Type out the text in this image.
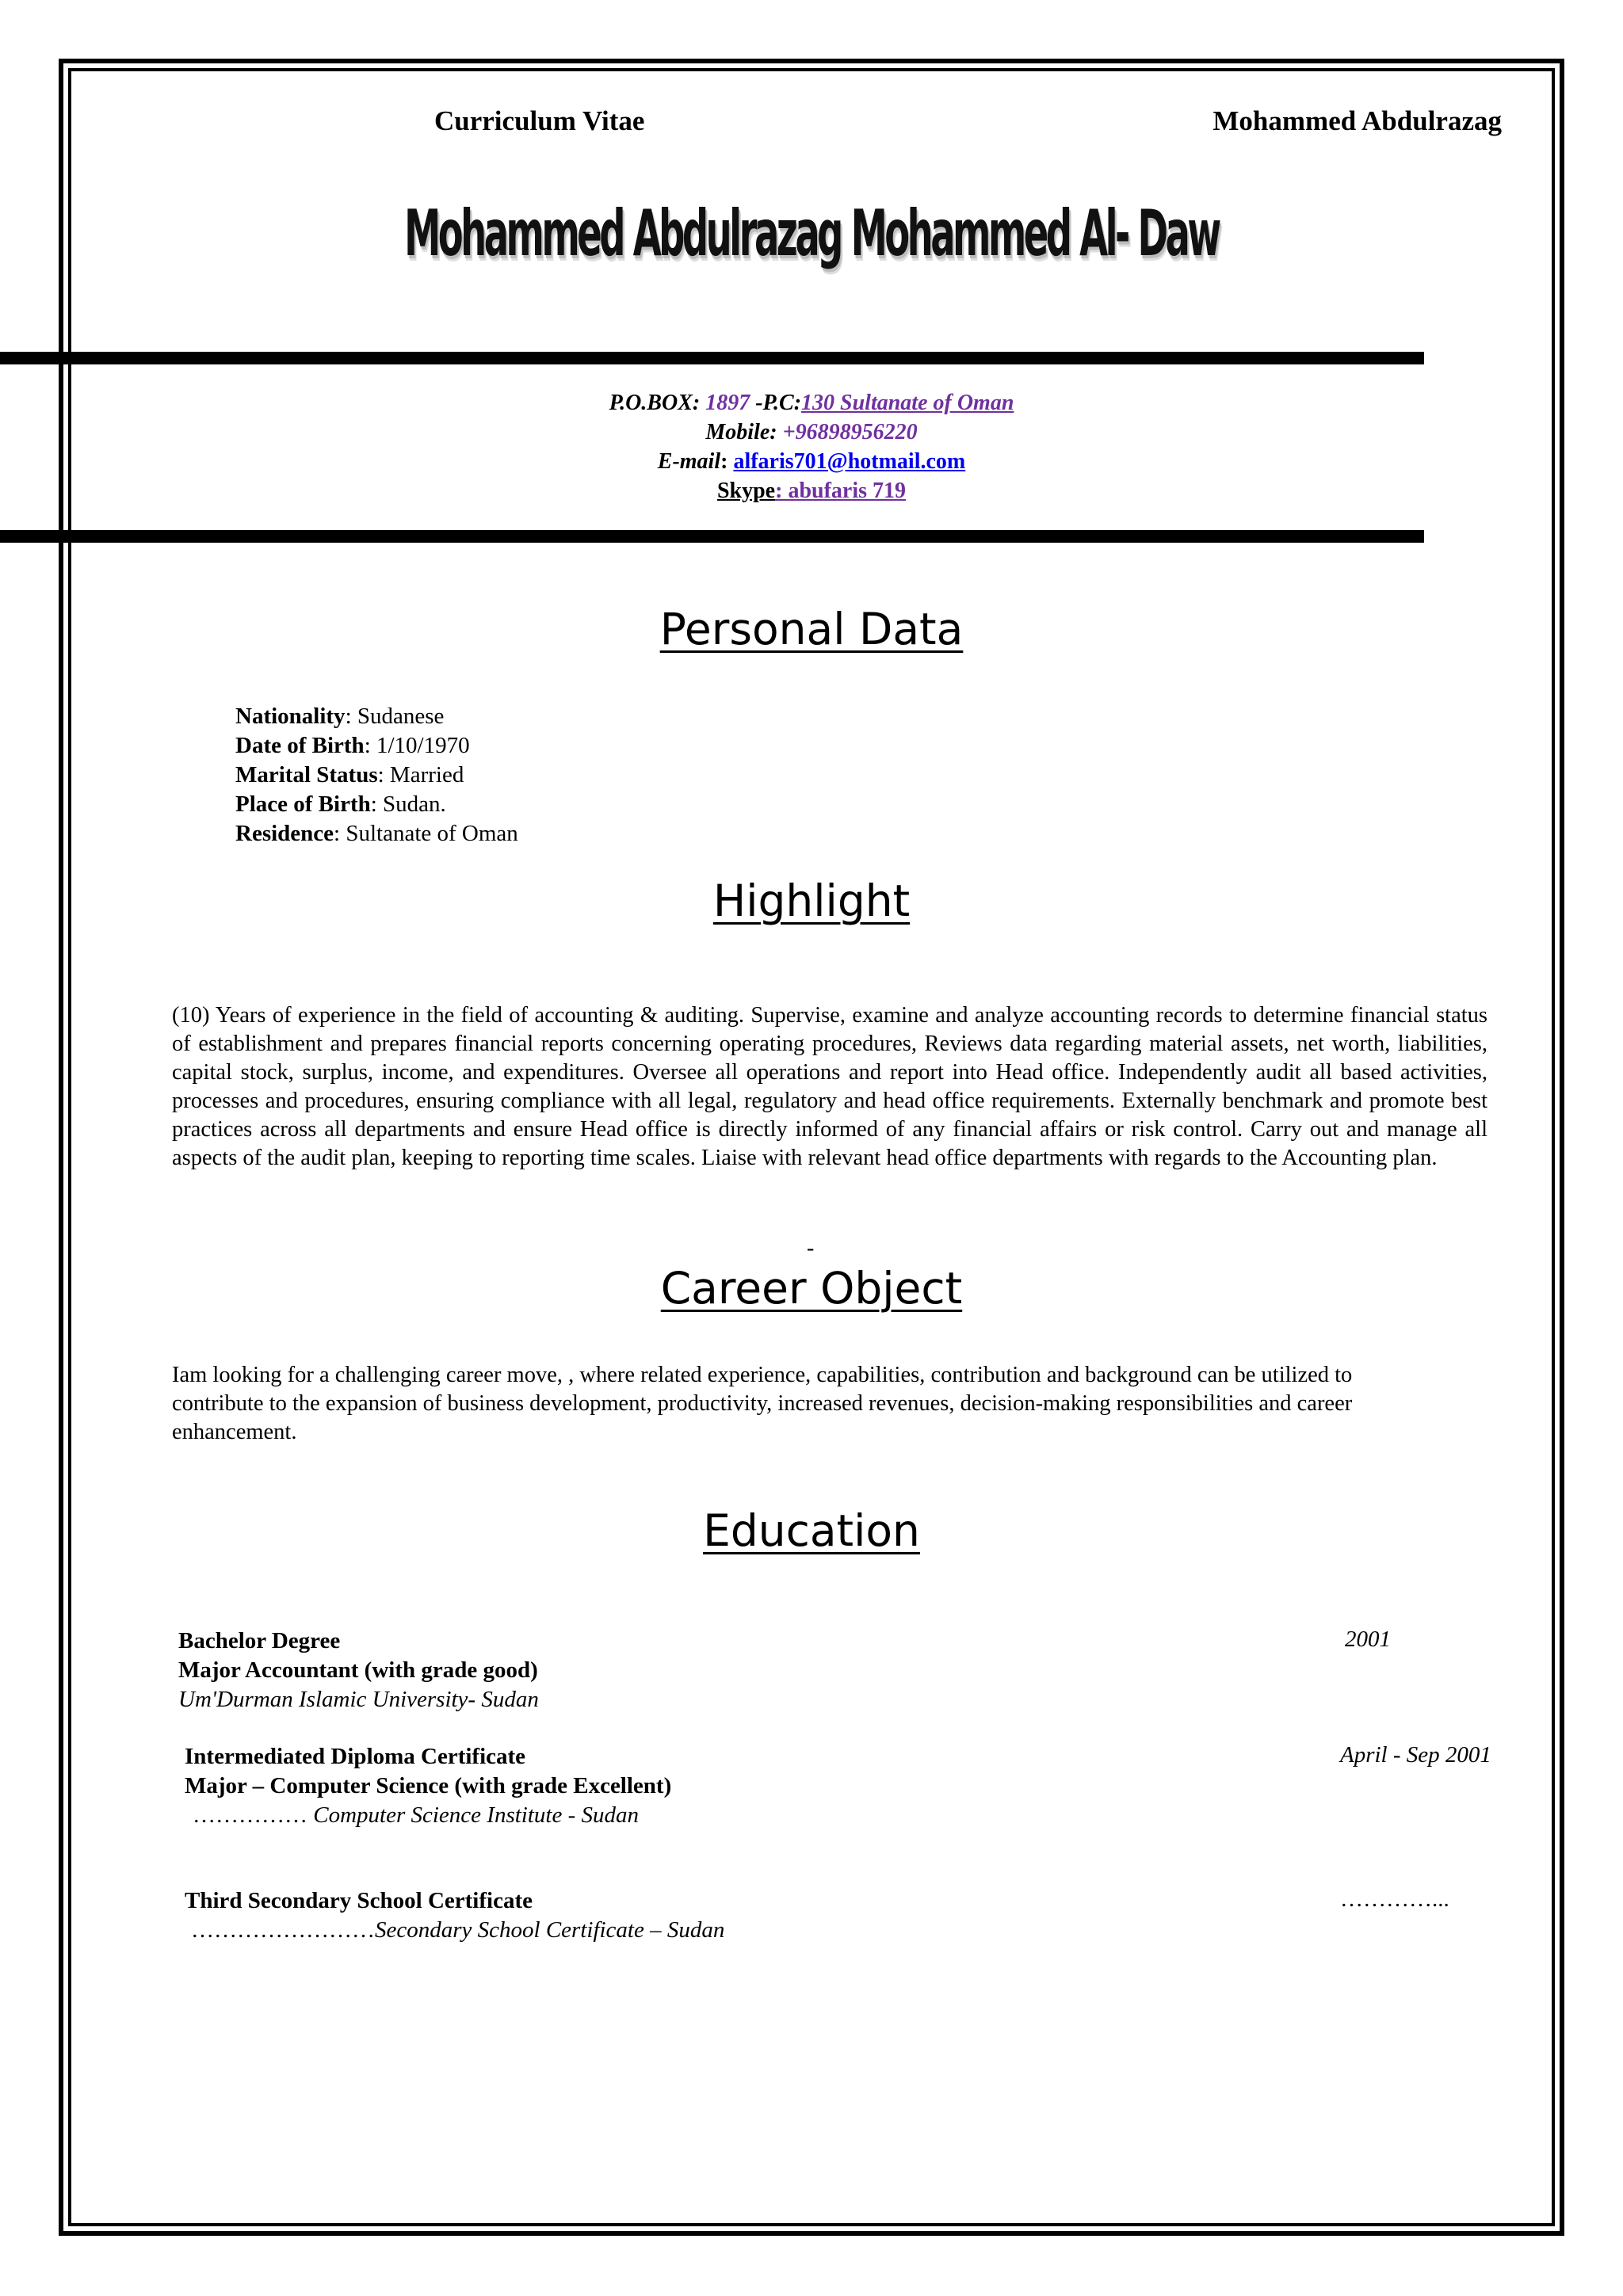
Curriculum Vitae	Mohammed Abdulrazag
Mohammed Abdulrazag Mohammed Al- Daw
P.O.BOX: 1897 -P.C:130 Sultanate of Oman
Mobile: +96898956220
E-mail: alfaris701@hotmail.com
Skype: abufaris 719
Personal Data
Nationality: Sudanese
Date of Birth: 1/10/1970
Marital Status: Married
Place of Birth: Sudan.
Residence: Sultanate of Oman
Highlight
(10) Years of experience in the field of accounting & auditing. Supervise, examine and analyze accounting records to determine financial status of establishment and prepares financial reports concerning operating procedures, Reviews data regarding material assets, net worth, liabilities, capital stock, surplus, income, and expenditures. Oversee all operations and report into Head office. Independently audit all based activities, processes and procedures, ensuring compliance with all legal, regulatory and head office requirements. Externally benchmark and promote best practices across all departments and ensure Head office is directly informed of any financial affairs or risk control. Carry out and manage all aspects of the audit plan, keeping to reporting time scales. Liaise with relevant head office departments with regards to the Accounting plan.
-
Career Object
Iam looking for a challenging career move, , where related experience, capabilities, contribution and background can be utilized to contribute to the expansion of business development, productivity, increased revenues, decision-making responsibilities and career enhancement.
Education
Bachelor Degree
Major Accountant (with grade good)
Um'Durman Islamic University- Sudan
2001
Intermediated Diploma Certificate
Major – Computer Science (with grade Excellent)
…………… Computer Science Institute - Sudan
April - Sep 2001
Third Secondary School Certificate
……………………Secondary School Certificate – Sudan
…………...
